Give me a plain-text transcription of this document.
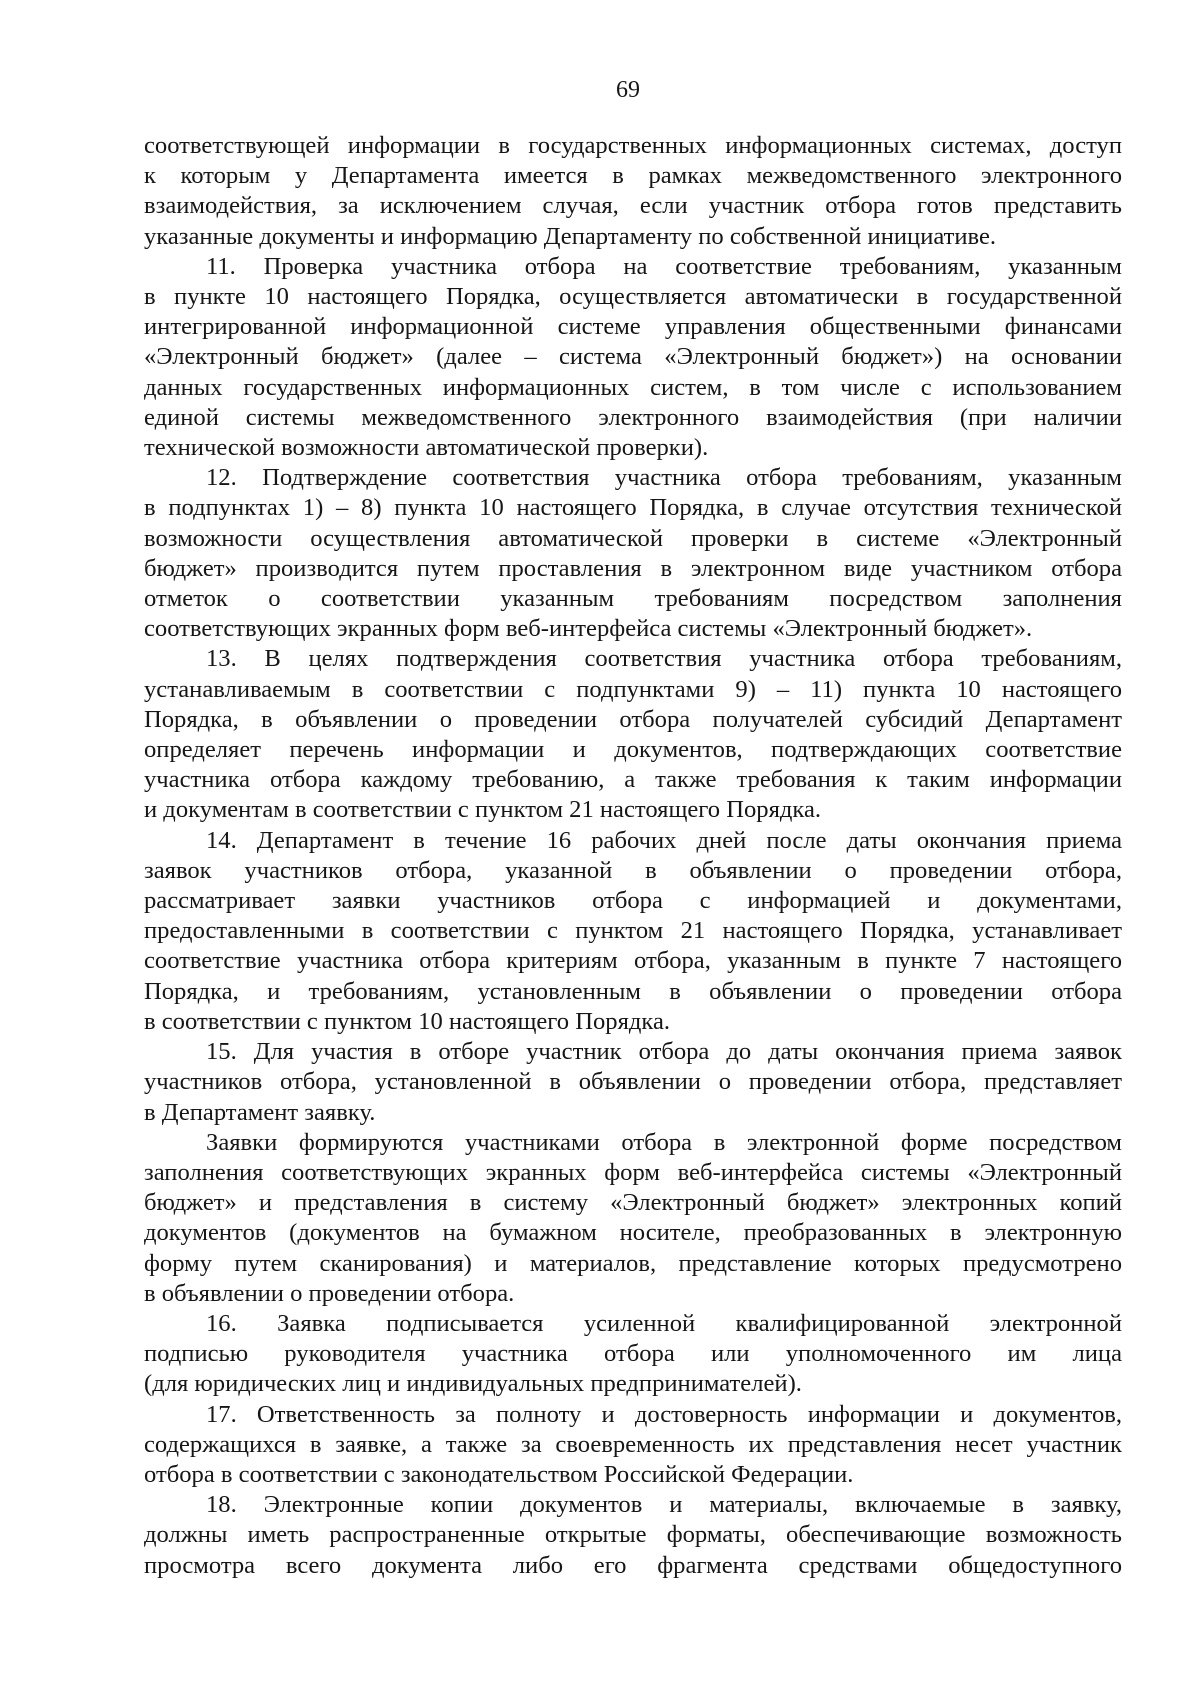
69
соответствующей информации в государственных информационных системах, доступ
к которым у Департамента имеется в рамках межведомственного электронного
взаимодействия, за исключением случая, если участник отбора готов представить
указанные документы и информацию Департаменту по собственной инициативе.
11. Проверка участника отбора на соответствие требованиям, указанным
в пункте 10 настоящего Порядка, осуществляется автоматически в государственной
интегрированной информационной системе управления общественными финансами
«Электронный бюджет» (далее – система «Электронный бюджет») на основании
данных государственных информационных систем, в том числе с использованием
единой системы межведомственного электронного взаимодействия (при наличии
технической возможности автоматической проверки).
12. Подтверждение соответствия участника отбора требованиям, указанным
в подпунктах 1) – 8) пункта 10 настоящего Порядка, в случае отсутствия технической
возможности осуществления автоматической проверки в системе «Электронный
бюджет» производится путем проставления в электронном виде участником отбора
отметок о соответствии указанным требованиям посредством заполнения
соответствующих экранных форм веб-интерфейса системы «Электронный бюджет».
13. В целях подтверждения соответствия участника отбора требованиям,
устанавливаемым в соответствии с подпунктами 9) – 11) пункта 10 настоящего
Порядка, в объявлении о проведении отбора получателей субсидий Департамент
определяет перечень информации и документов, подтверждающих соответствие
участника отбора каждому требованию, а также требования к таким информации
и документам в соответствии с пунктом 21 настоящего Порядка.
14. Департамент в течение 16 рабочих дней после даты окончания приема
заявок участников отбора, указанной в объявлении о проведении отбора,
рассматривает заявки участников отбора с информацией и документами,
предоставленными в соответствии с пунктом 21 настоящего Порядка, устанавливает
соответствие участника отбора критериям отбора, указанным в пункте 7 настоящего
Порядка, и требованиям, установленным в объявлении о проведении отбора
в соответствии с пунктом 10 настоящего Порядка.
15. Для участия в отборе участник отбора до даты окончания приема заявок
участников отбора, установленной в объявлении о проведении отбора, представляет
в Департамент заявку.
Заявки формируются участниками отбора в электронной форме посредством
заполнения соответствующих экранных форм веб-интерфейса системы «Электронный
бюджет» и представления в систему «Электронный бюджет» электронных копий
документов (документов на бумажном носителе, преобразованных в электронную
форму путем сканирования) и материалов, представление которых предусмотрено
в объявлении о проведении отбора.
16. Заявка подписывается усиленной квалифицированной электронной
подписью руководителя участника отбора или уполномоченного им лица
(для юридических лиц и индивидуальных предпринимателей).
17. Ответственность за полноту и достоверность информации и документов,
содержащихся в заявке, а также за своевременность их представления несет участник
отбора в соответствии с законодательством Российской Федерации.
18. Электронные копии документов и материалы, включаемые в заявку,
должны иметь распространенные открытые форматы, обеспечивающие возможность
просмотра всего документа либо его фрагмента средствами общедоступного
